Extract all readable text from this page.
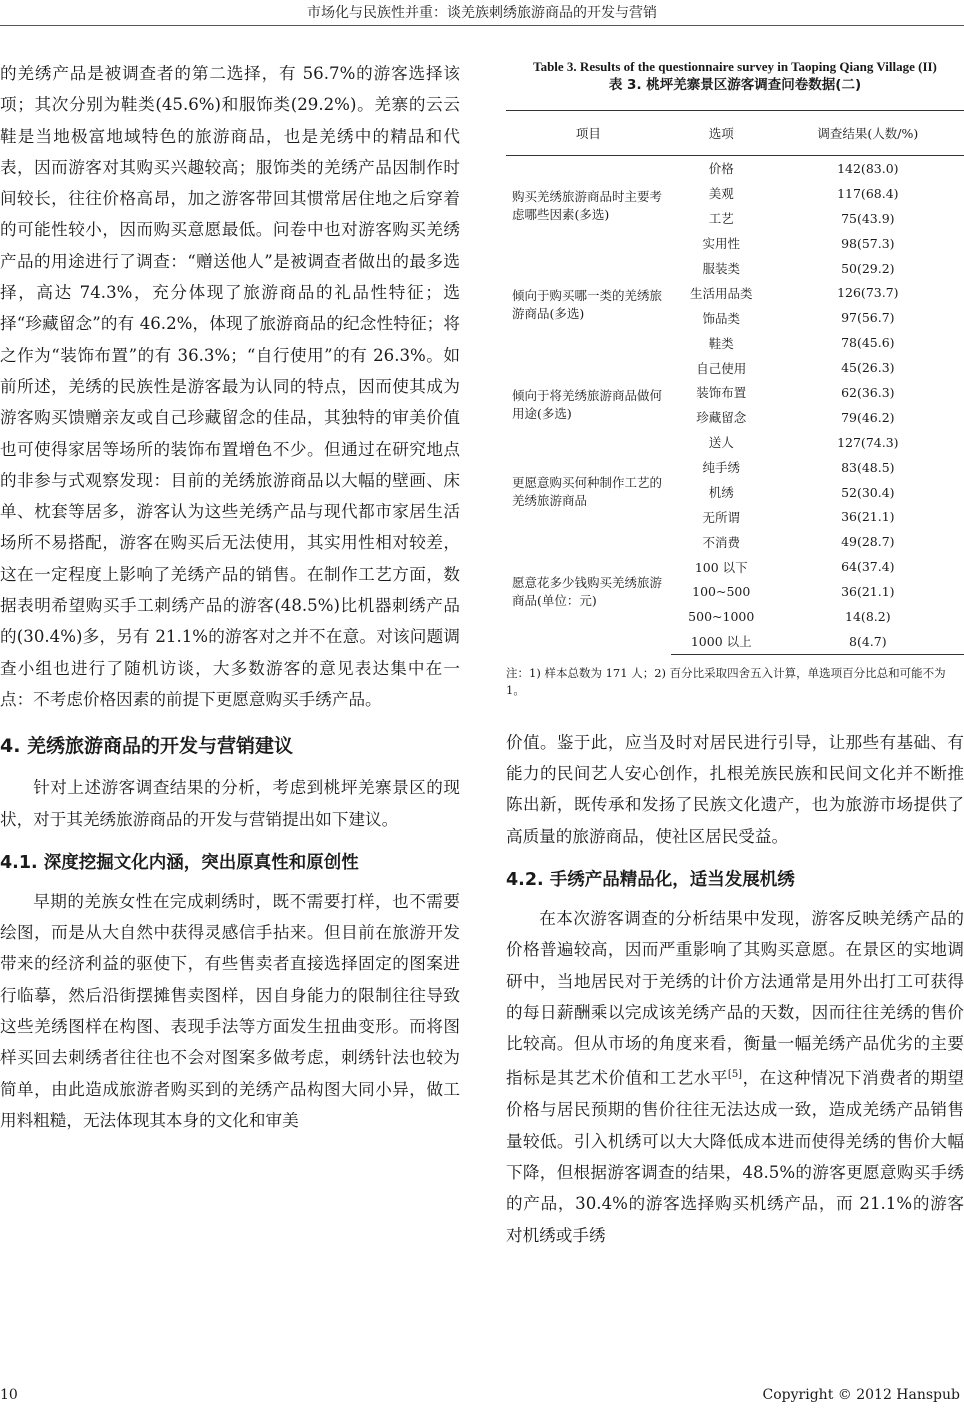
市场化与民族性并重：谈羌族刺绣旅游商品的开发与营销

的羌绣产品是被调查者的第二选择，有 56.7%的游客选择该项；其次分别为鞋类(45.6%)和服饰类(29.2%)。羌寨的云云鞋是当地极富地域特色的旅游商品，也是羌绣中的精品和代表，因而游客对其购买兴趣较高；服饰类的羌绣产品因制作时间较长，往往价格高昂，加之游客带回其惯常居住地之后穿着的可能性较小，因而购买意愿最低。问卷中也对游客购买羌绣产品的用途进行了调查：“赠送他人”是被调查者做出的最多选择，高达 74.3%，充分体现了旅游商品的礼品性特征；选择“珍藏留念”的有 46.2%，体现了旅游商品的纪念性特征；将之作为“装饰布置”的有 36.3%；“自行使用”的有 26.3%。如前所述，羌绣的民族性是游客最为认同的特点，因而使其成为游客购买馈赠亲友或自己珍藏留念的佳品，其独特的审美价值也可使得家居等场所的装饰布置增色不少。但通过在研究地点的非参与式观察发现：目前的羌绣旅游商品以大幅的壁画、床单、枕套等居多，游客认为这些羌绣产品与现代都市家居生活场所不易搭配，游客在购买后无法使用，其实用性相对较差，这在一定程度上影响了羌绣产品的销售。在制作工艺方面，数据表明希望购买手工刺绣产品的游客(48.5%)比机器刺绣产品的(30.4%)多，另有 21.1%的游客对之并不在意。对该问题调查小组也进行了随机访谈，大多数游客的意见表达集中在一点：不考虑价格因素的前提下更愿意购买手绣产品。

4. 羌绣旅游商品的开发与营销建议

针对上述游客调查结果的分析，考虑到桃坪羌寨景区的现状，对于其羌绣旅游商品的开发与营销提出如下建议。

4.1. 深度挖掘文化内涵，突出原真性和原创性

早期的羌族女性在完成刺绣时，既不需要打样，也不需要绘图，而是从大自然中获得灵感信手拈来。但目前在旅游开发带来的经济利益的驱使下，有些售卖者直接选择固定的图案进行临摹，然后沿街摆摊售卖图样，因自身能力的限制往往导致这些羌绣图样在构图、表现手法等方面发生扭曲变形。而将图样买回去刺绣者往往也不会对图案多做考虑，刺绣针法也较为简单，由此造成旅游者购买到的羌绣产品构图大同小异，做工用料粗糙，无法体现其本身的文化和审美

Table 3. Results of the questionnaire survey in Taoping Qiang Village (II)
表 3. 桃坪羌寨景区游客调查问卷数据(二)
项目	选项	调查结果(人数/%)
购买羌绣旅游商品时主要考虑哪些因素(多选)	价格	142(83.0)
	美观	117(68.4)
	工艺	75(43.9)
	实用性	98(57.3)
倾向于购买哪一类的羌绣旅游商品(多选)	服装类	50(29.2)
	生活用品类	126(73.7)
	饰品类	97(56.7)
	鞋类	78(45.6)
倾向于将羌绣旅游商品做何用途(多选)	自己使用	45(26.3)
	装饰布置	62(36.3)
	珍藏留念	79(46.2)
	送人	127(74.3)
更愿意购买何种制作工艺的羌绣旅游商品	纯手绣	83(48.5)
	机绣	52(30.4)
	无所谓	36(21.1)
愿意花多少钱购买羌绣旅游商品(单位：元)	不消费	49(28.7)
	100 以下	64(37.4)
	100~500	36(21.1)
	500~1000	14(8.2)
	1000 以上	8(4.7)
注：1) 样本总数为 171 人；2) 百分比采取四舍五入计算，单选项百分比总和可能不为 1。

价值。鉴于此，应当及时对居民进行引导，让那些有基础、有能力的民间艺人安心创作，扎根羌族民族和民间文化并不断推陈出新，既传承和发扬了民族文化遗产，也为旅游市场提供了高质量的旅游商品，使社区居民受益。

4.2. 手绣产品精品化，适当发展机绣

在本次游客调查的分析结果中发现，游客反映羌绣产品的价格普遍较高，因而严重影响了其购买意愿。在景区的实地调研中，当地居民对于羌绣的计价方法通常是用外出打工可获得的每日薪酬乘以完成该羌绣产品的天数，因而往往羌绣的售价比较高。但从市场的角度来看，衡量一幅羌绣产品优劣的主要指标是其艺术价值和工艺水平[5]，在这种情况下消费者的期望价格与居民预期的售价往往无法达成一致，造成羌绣产品销售量较低。引入机绣可以大大降低成本进而使得羌绣的售价大幅下降，但根据游客调查的结果，48.5%的游客更愿意购买手绣的产品，30.4%的游客选择购买机绣产品，而 21.1%的游客对机绣或手绣

10	Copyright © 2012 Hanspub
